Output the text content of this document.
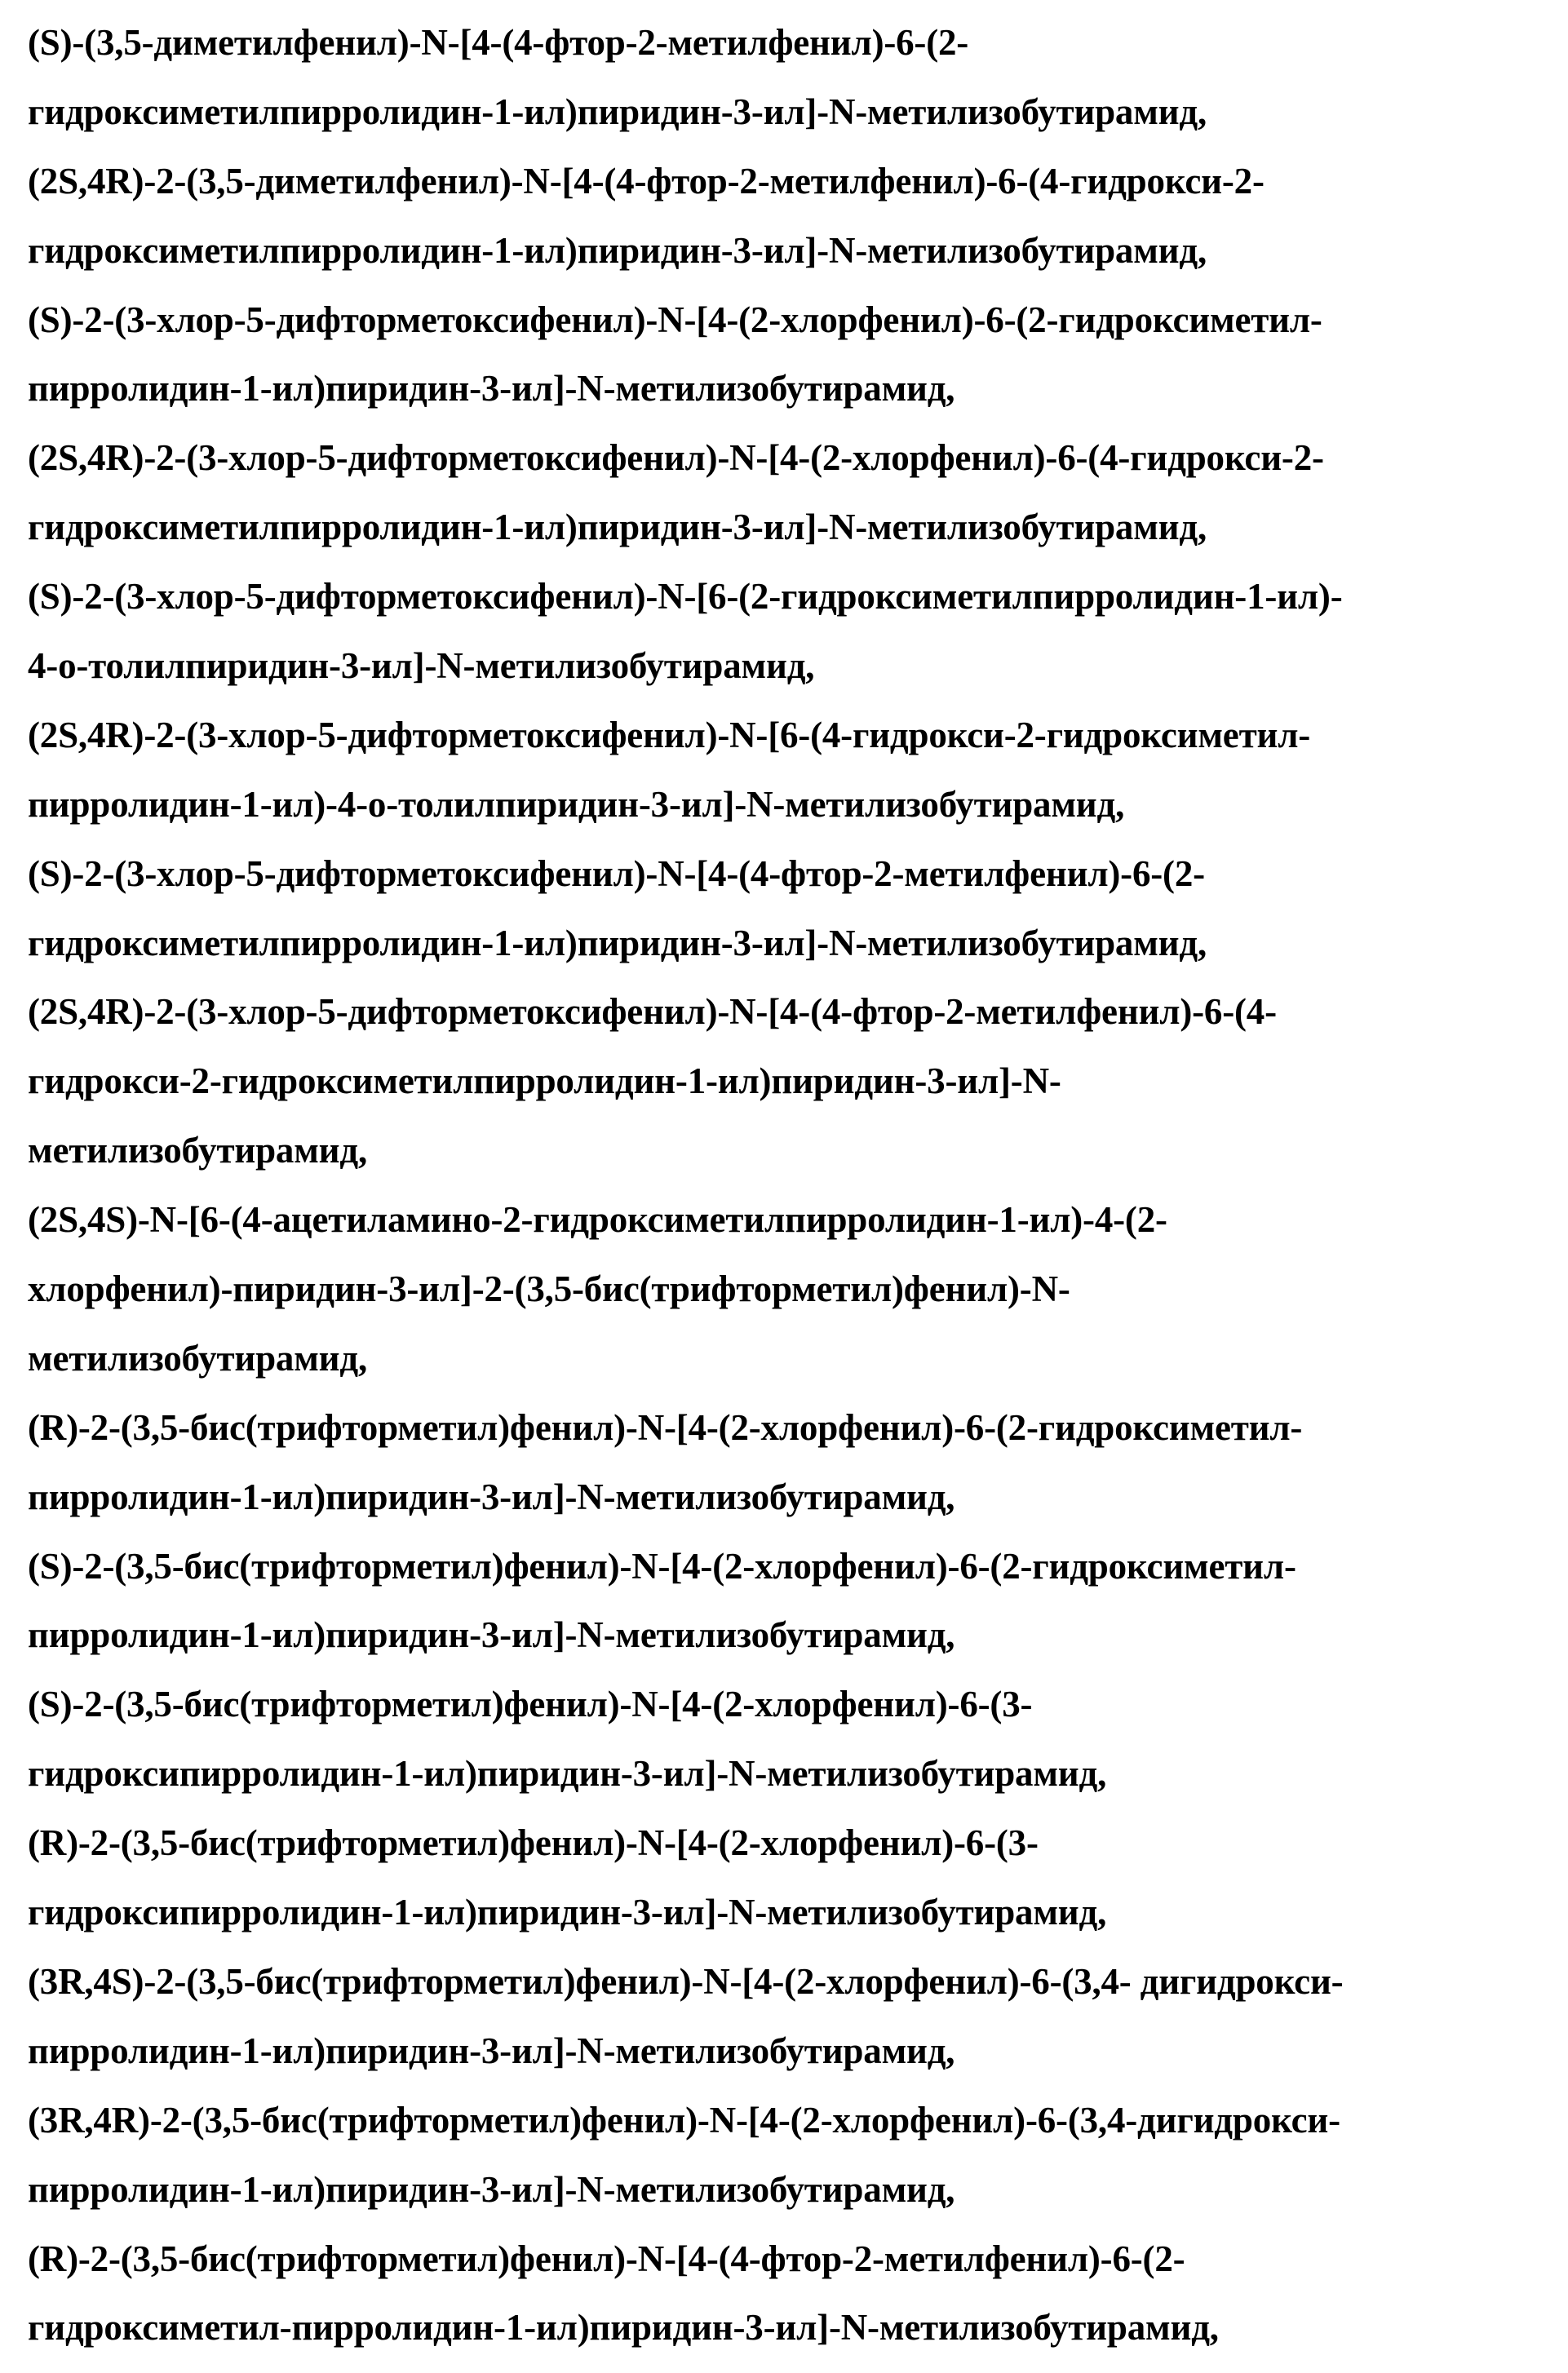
(S)-(3,5-диметилфенил)-N-[4-(4-фтор-2-метилфенил)-6-(2-
гидроксиметилпирролидин-1-ил)пиридин-3-ил]-N-метилизобутирамид,
(2S,4R)-2-(3,5-диметилфенил)-N-[4-(4-фтор-2-метилфенил)-6-(4-гидрокси-2-
гидроксиметилпирролидин-1-ил)пиридин-3-ил]-N-метилизобутирамид,
(S)-2-(3-хлор-5-дифторметоксифенил)-N-[4-(2-хлорфенил)-6-(2-гидроксиметил-
пирролидин-1-ил)пиридин-3-ил]-N-метилизобутирамид,
(2S,4R)-2-(3-хлор-5-дифторметоксифенил)-N-[4-(2-хлорфенил)-6-(4-гидрокси-2-
гидроксиметилпирролидин-1-ил)пиридин-3-ил]-N-метилизобутирамид,
(S)-2-(3-хлор-5-дифторметоксифенил)-N-[6-(2-гидроксиметилпирролидин-1-ил)-
4-о-толилпиридин-3-ил]-N-метилизобутирамид,
(2S,4R)-2-(3-хлор-5-дифторметоксифенил)-N-[6-(4-гидрокси-2-гидроксиметил-
пирролидин-1-ил)-4-о-толилпиридин-3-ил]-N-метилизобутирамид,
(S)-2-(3-хлор-5-дифторметоксифенил)-N-[4-(4-фтор-2-метилфенил)-6-(2-
гидроксиметилпирролидин-1-ил)пиридин-3-ил]-N-метилизобутирамид,
(2S,4R)-2-(3-хлор-5-дифторметоксифенил)-N-[4-(4-фтор-2-метилфенил)-6-(4-
гидрокси-2-гидроксиметилпирролидин-1-ил)пиридин-3-ил]-N-
метилизобутирамид,
(2S,4S)-N-[6-(4-ацетиламино-2-гидроксиметилпирролидин-1-ил)-4-(2-
хлорфенил)-пиридин-3-ил]-2-(3,5-бис(трифторметил)фенил)-N-
метилизобутирамид,
(R)-2-(3,5-бис(трифторметил)фенил)-N-[4-(2-хлорфенил)-6-(2-гидроксиметил-
пирролидин-1-ил)пиридин-3-ил]-N-метилизобутирамид,
(S)-2-(3,5-бис(трифторметил)фенил)-N-[4-(2-хлорфенил)-6-(2-гидроксиметил-
пирролидин-1-ил)пиридин-3-ил]-N-метилизобутирамид,
(S)-2-(3,5-бис(трифторметил)фенил)-N-[4-(2-хлорфенил)-6-(3-
гидроксипирролидин-1-ил)пиридин-3-ил]-N-метилизобутирамид,
(R)-2-(3,5-бис(трифторметил)фенил)-N-[4-(2-хлорфенил)-6-(3-
гидроксипирролидин-1-ил)пиридин-3-ил]-N-метилизобутирамид,
(3R,4S)-2-(3,5-бис(трифторметил)фенил)-N-[4-(2-хлорфенил)-6-(3,4- дигидрокси-
пирролидин-1-ил)пиридин-3-ил]-N-метилизобутирамид,
(3R,4R)-2-(3,5-бис(трифторметил)фенил)-N-[4-(2-хлорфенил)-6-(3,4-дигидрокси-
пирролидин-1-ил)пиридин-3-ил]-N-метилизобутирамид,
(R)-2-(3,5-бис(трифторметил)фенил)-N-[4-(4-фтор-2-метилфенил)-6-(2-
гидроксиметил-пирролидин-1-ил)пиридин-3-ил]-N-метилизобутирамид,
